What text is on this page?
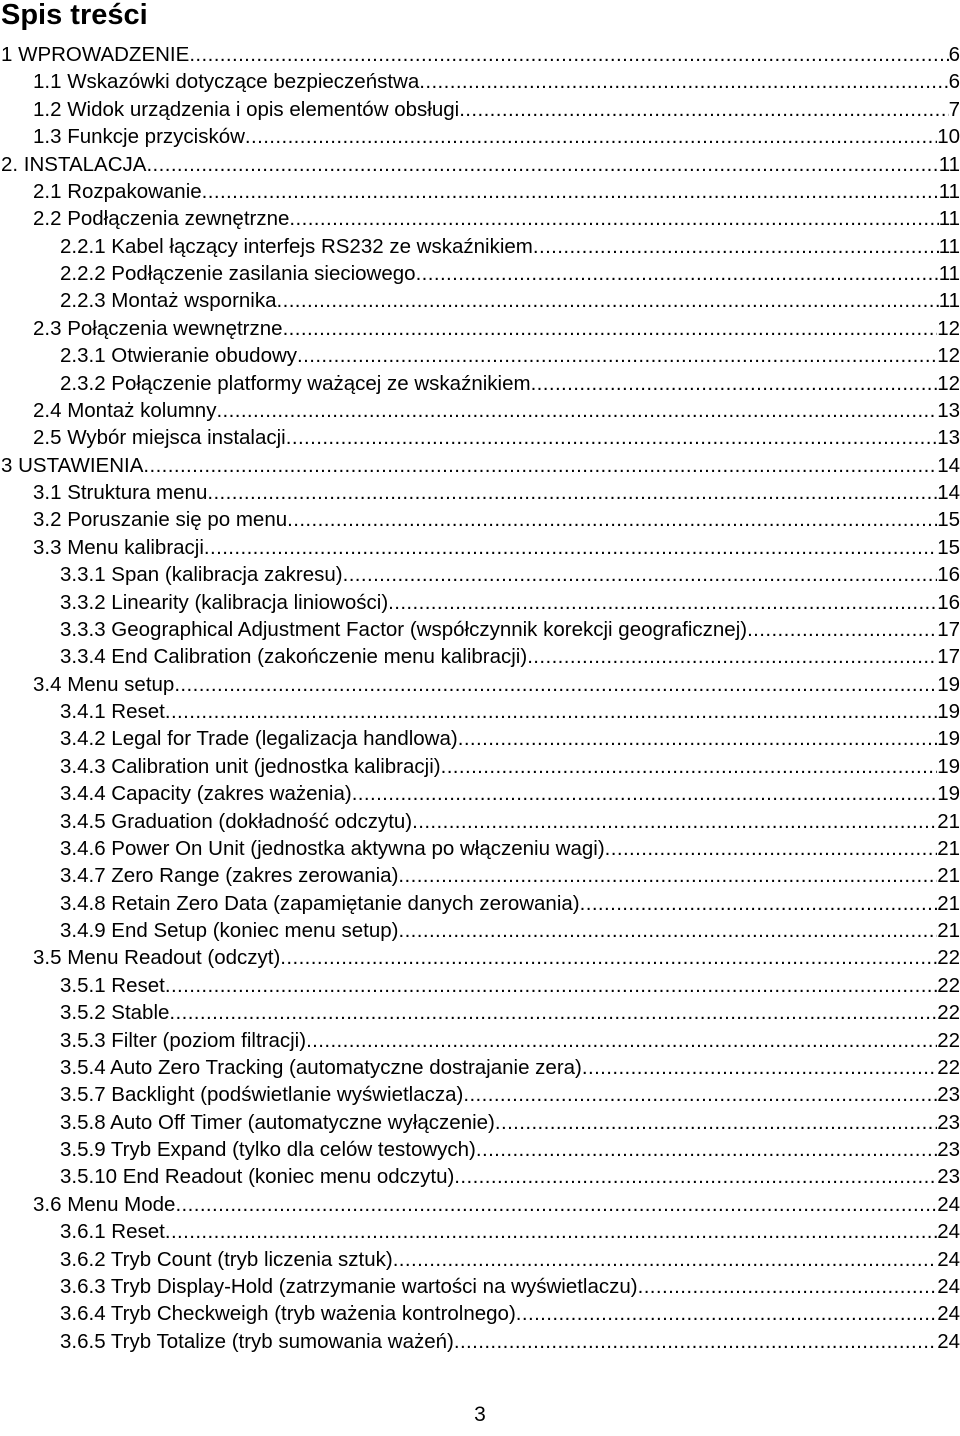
Spis treści
1 WPROWADZENIE .....	6
1.1 Wskazówki dotyczące bezpieczeństwa .....	6
1.2 Widok urządzenia i opis elementów obsługi .....	7
1.3 Funkcje przycisków .....	10
2. INSTALACJA .....	11
2.1 Rozpakowanie .....	11
2.2 Podłączenia zewnętrzne .....	11
2.2.1 Kabel łączący interfejs RS232 ze wskaźnikiem .....	11
2.2.2 Podłączenie zasilania sieciowego .....	11
2.2.3 Montaż wspornika .....	11
2.3 Połączenia wewnętrzne .....	12
2.3.1 Otwieranie obudowy .....	12
2.3.2 Połączenie platformy ważącej ze wskaźnikiem .....	12
2.4 Montaż kolumny .....	13
2.5 Wybór miejsca instalacji .....	13
3 USTAWIENIA .....	14
3.1 Struktura menu .....	14
3.2 Poruszanie się po menu .....	15
3.3 Menu kalibracji .....	15
3.3.1 Span (kalibracja zakresu) .....	16
3.3.2 Linearity (kalibracja liniowości) .....	16
3.3.3 Geographical Adjustment Factor (współczynnik korekcji geograficznej) .....	17
3.3.4 End Calibration (zakończenie menu kalibracji) .....	17
3.4 Menu setup .....	19
3.4.1 Reset .....	19
3.4.2 Legal for Trade (legalizacja handlowa) .....	19
3.4.3 Calibration unit (jednostka kalibracji) .....	19
3.4.4 Capacity (zakres ważenia) .....	19
3.4.5 Graduation (dokładność odczytu) .....	21
3.4.6 Power On Unit (jednostka aktywna po włączeniu wagi) .....	21
3.4.7 Zero Range (zakres zerowania) .....	21
3.4.8 Retain Zero Data (zapamiętanie danych zerowania) .....	21
3.4.9 End Setup (koniec menu setup) .....	21
3.5 Menu Readout (odczyt) .....	22
3.5.1 Reset .....	22
3.5.2 Stable .....	22
3.5.3 Filter (poziom filtracji) .....	22
3.5.4 Auto Zero Tracking (automatyczne dostrajanie zera) .....	22
3.5.7 Backlight (podświetlanie wyświetlacza) .....	23
3.5.8 Auto Off Timer (automatyczne wyłączenie) .....	23
3.5.9 Tryb Expand (tylko dla celów testowych) .....	23
3.5.10 End Readout (koniec menu odczytu) .....	23
3.6 Menu Mode .....	24
3.6.1 Reset .....	24
3.6.2 Tryb Count (tryb liczenia sztuk) .....	24
3.6.3 Tryb Display-Hold (zatrzymanie wartości na wyświetlaczu) .....	24
3.6.4 Tryb Checkweigh (tryb ważenia kontrolnego) .....	24
3.6.5 Tryb Totalize (tryb sumowania ważeń) .....	24
3
